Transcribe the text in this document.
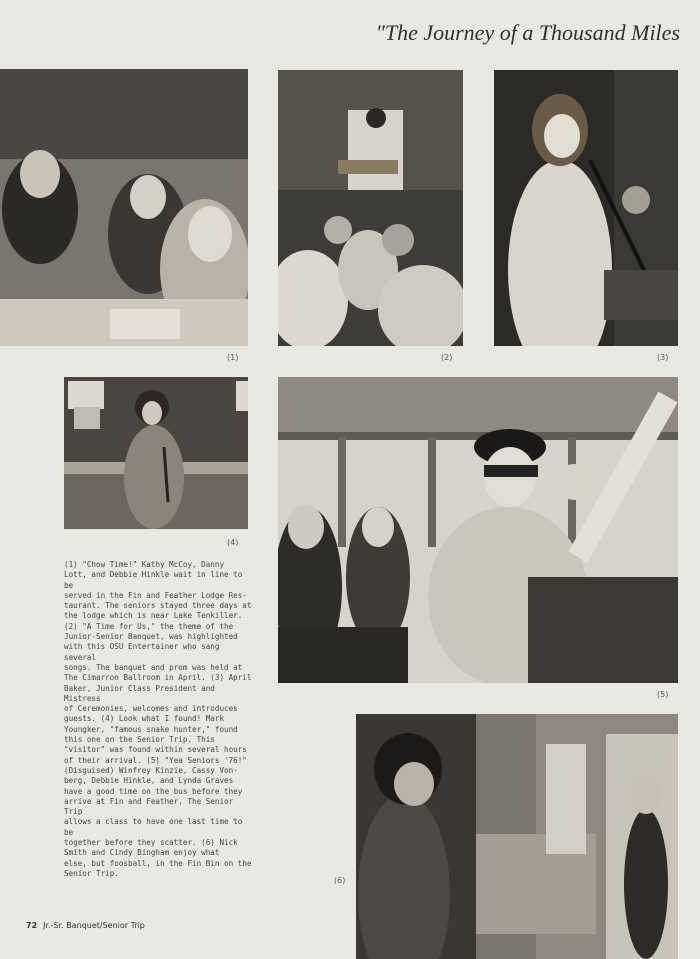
"The Journey of a Thousand Miles
(1)	(2)	(3)
(4)
(5)

(1) "Chow Time!" Kathy McCoy, Danny

Lott, and Debbie Hinkle wait in line to be

served in the Fin and Feather Lodge Res-

taurant. The seniors stayed three days at

the lodge which is near Lake Tenkiller.

(2) "A Time for Us," the theme of the

Junior-Senior Banquet, was highlighted

with this OSU Entertainer who sang several

songs. The banquet and prom was held at

The Cimarron Ballroom in April. (3) April

Baker, Junior Class President and Mistress

of Ceremonies, welcomes and introduces

guests. (4) Look what I found! Mark

Youngker, "famous snake hunter," found

this one on the Senior Trip. This

"visitor" was found within several hours

of their arrival. (5) "Yea Seniors '76!"

(Disguised) Winfrey Kinzie, Cassy Von-

berg, Debbie Hinkle, and Lynda Graves

have a good time on the bus before they

arrive at Fin and Feather. The Senior Trip

allows a class to have one last time to be

together before they scatter. (6) Nick

Smith and Cindy Bingham enjoy what

else, but foosball, in the Fin Bin on the

Senior Trip.

(6)
72 Jr.-Sr. Banquet/Senior Trip
